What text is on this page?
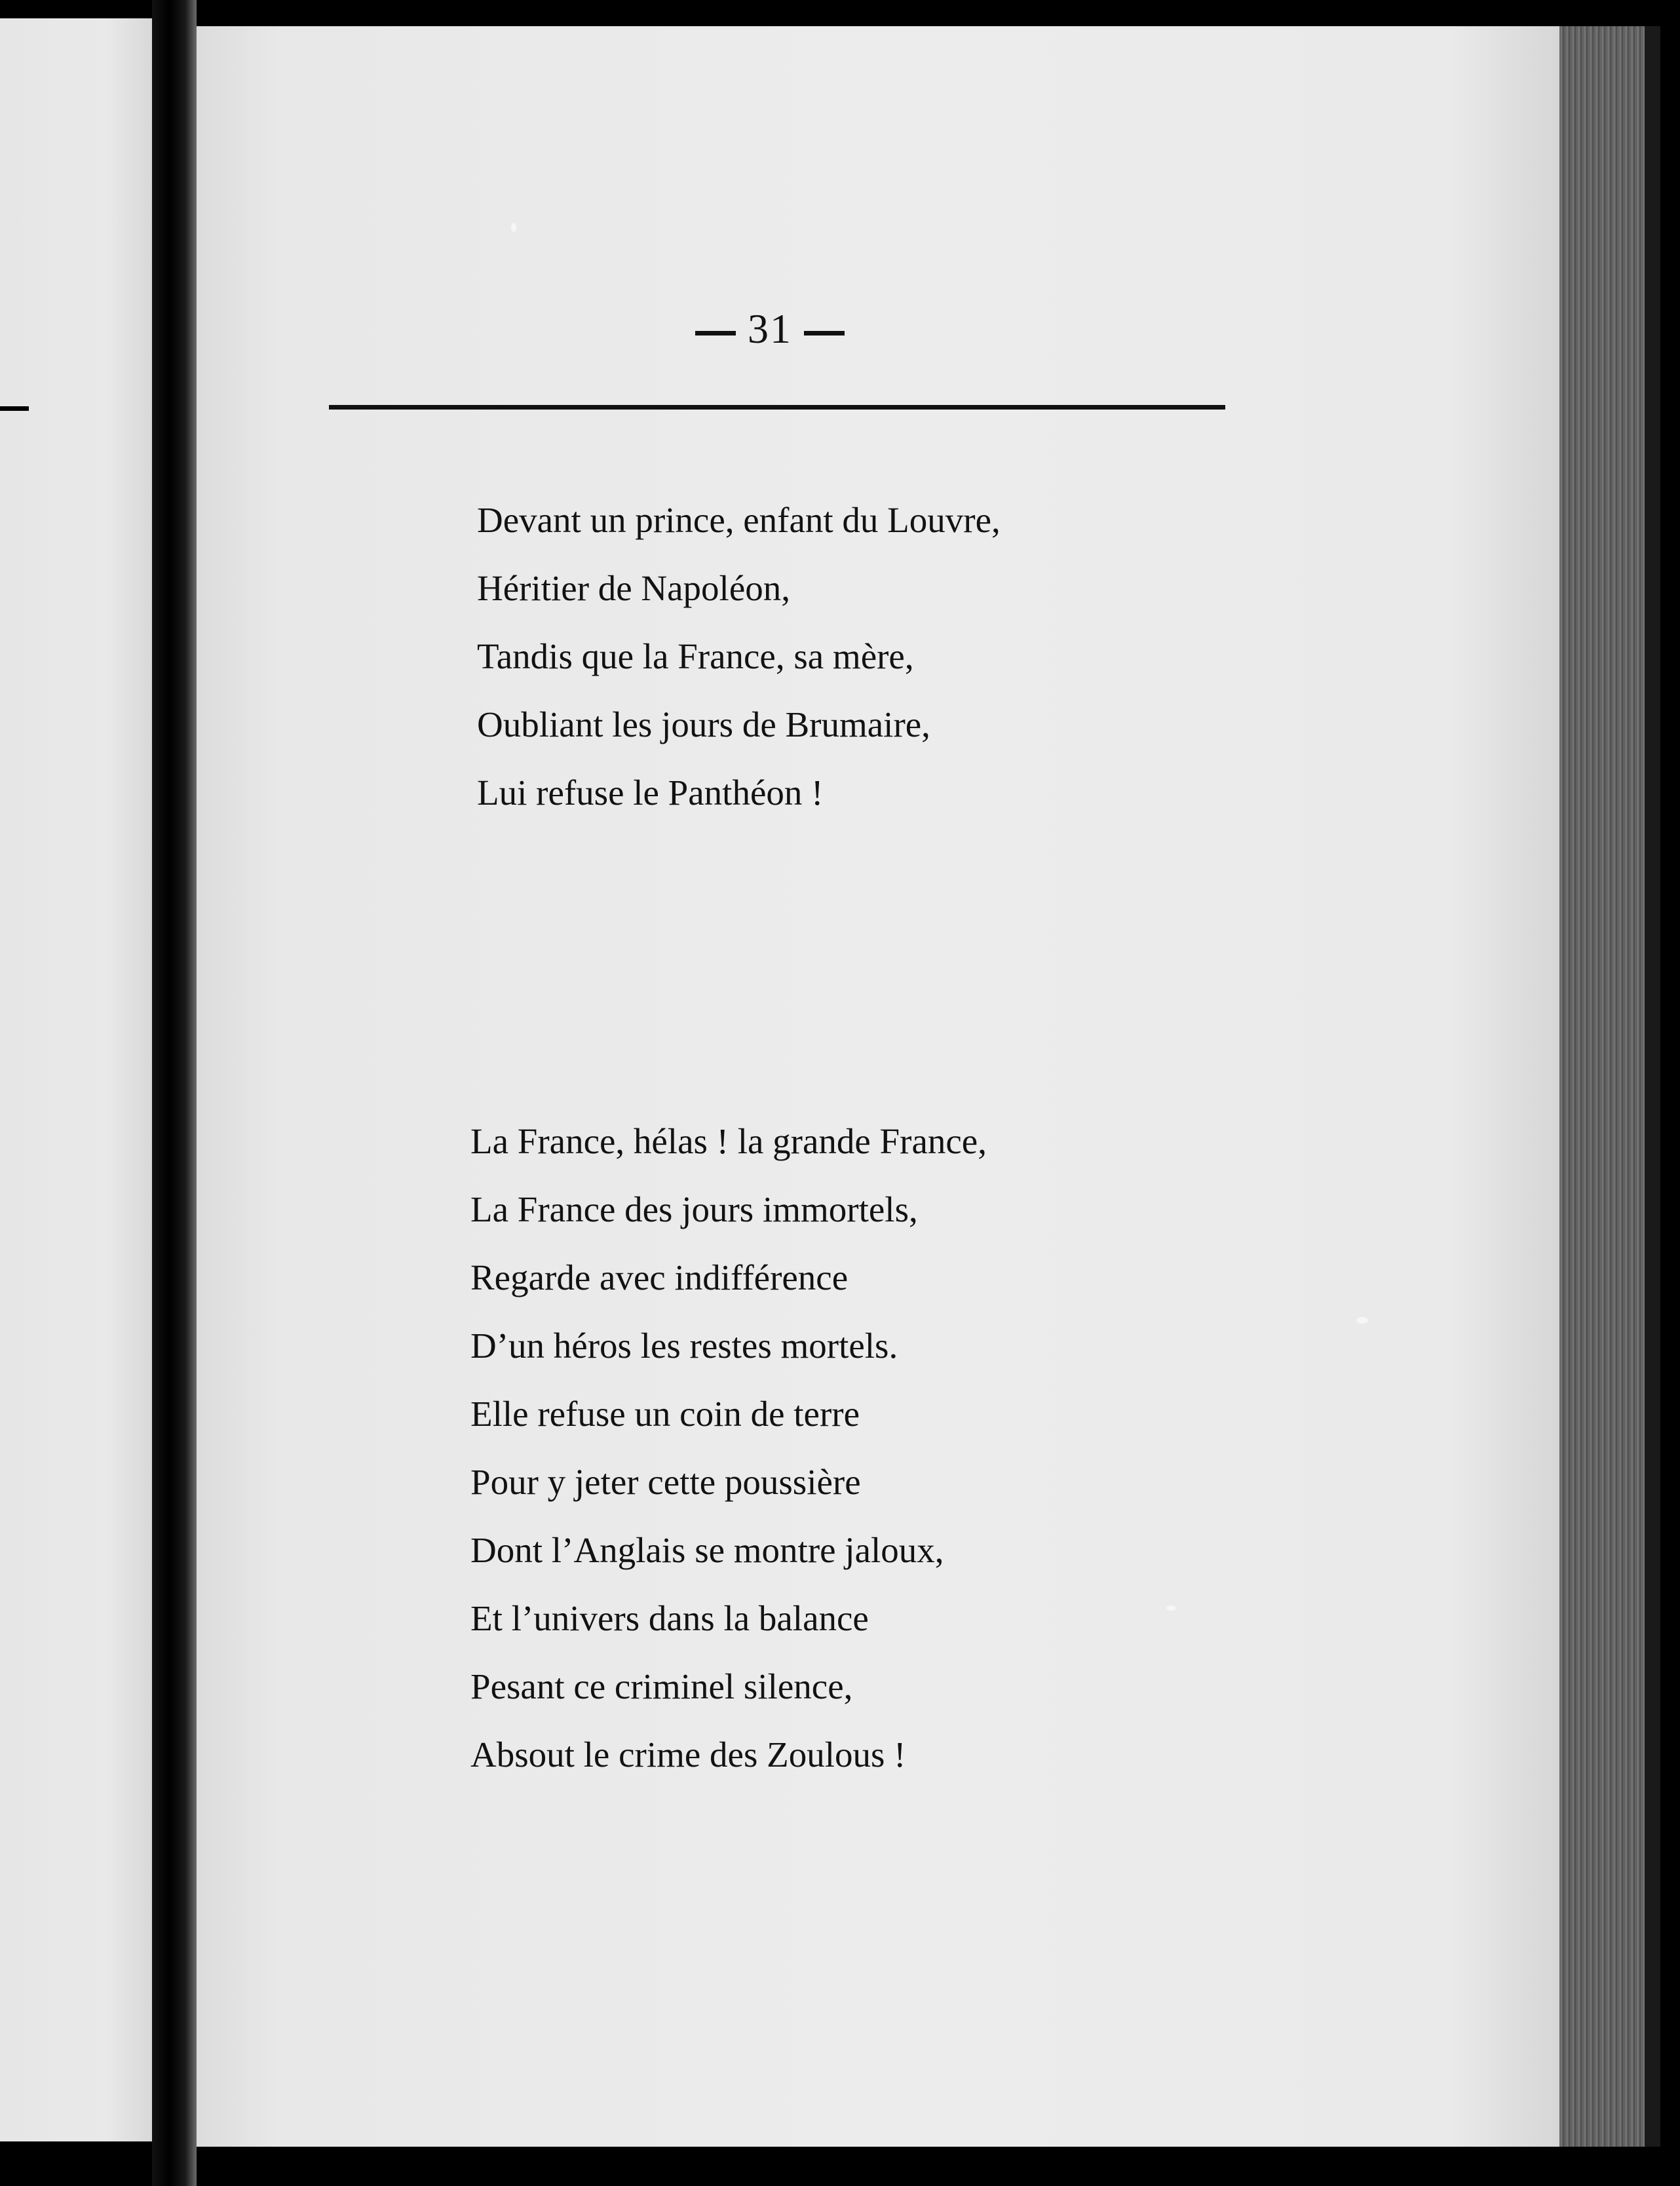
31
Devant un prince, enfant du Louvre,
Héritier de Napoléon,
Tandis que la France, sa mère,
Oubliant les jours de Brumaire,
Lui refuse le Panthéon !
La France, hélas ! la grande France,
La France des jours immortels,
Regarde avec indifférence
D’un héros les restes mortels.
Elle refuse un coin de terre
Pour y jeter cette poussière
Dont l’Anglais se montre jaloux,
Et l’univers dans la balance
Pesant ce criminel silence,
Absout le crime des Zoulous !
